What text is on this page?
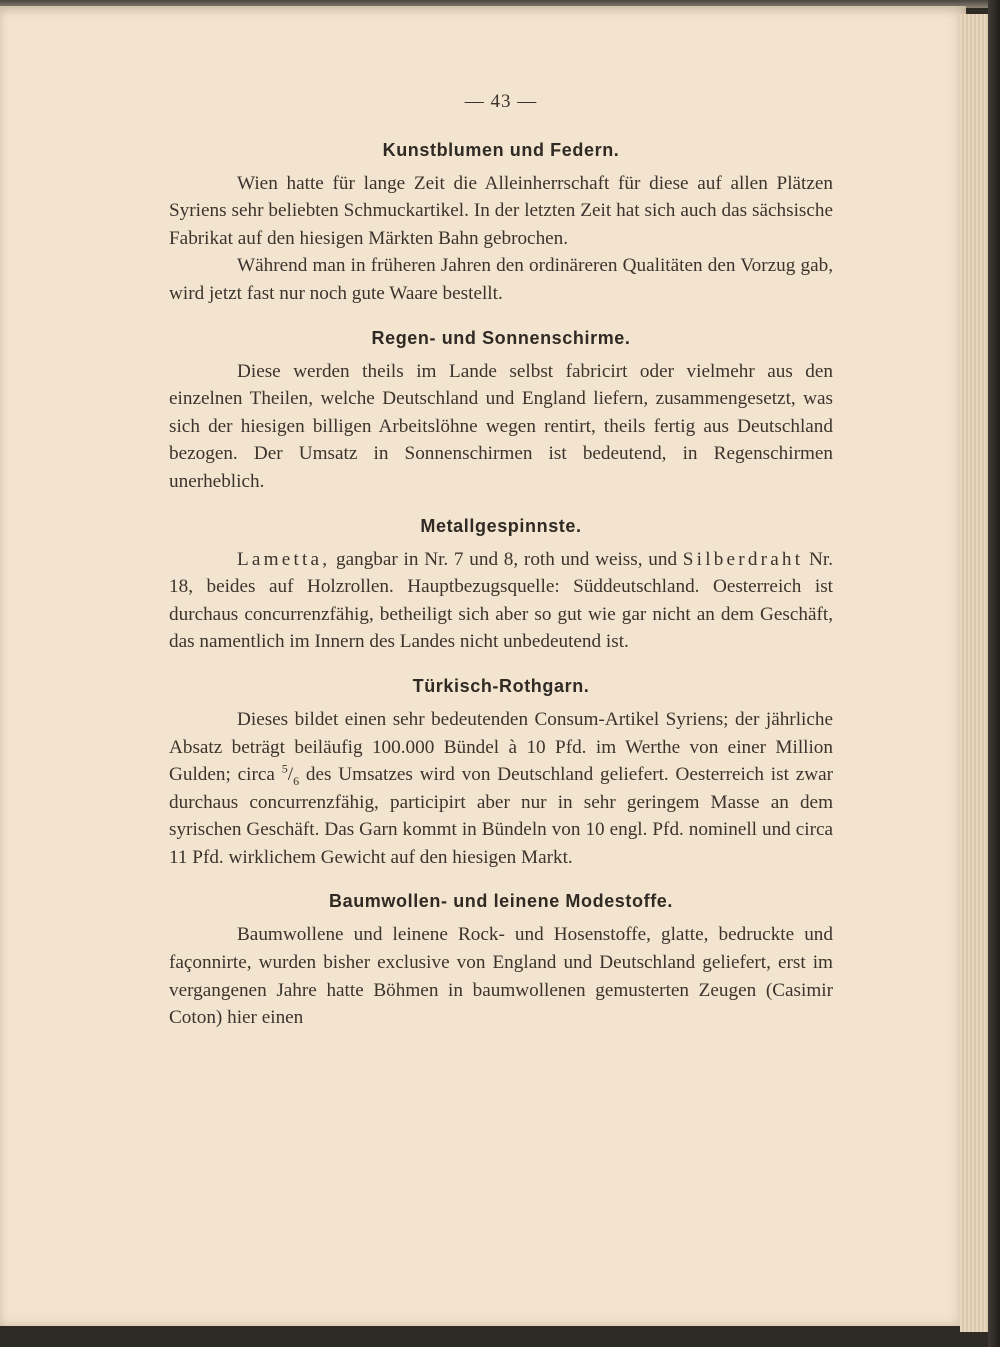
— 43 —
Kunstblumen und Federn.

Wien hatte für lange Zeit die Alleinherrschaft für diese auf allen Plätzen Syriens sehr beliebten Schmuckartikel. In der letzten Zeit hat sich auch das sächsische Fabrikat auf den hiesigen Märkten Bahn gebrochen.

Während man in früheren Jahren den ordinäreren Qualitäten den Vorzug gab, wird jetzt fast nur noch gute Waare bestellt.

Regen- und Sonnenschirme.

Diese werden theils im Lande selbst fabricirt oder vielmehr aus den einzelnen Theilen, welche Deutschland und England liefern, zusammengesetzt, was sich der hiesigen billigen Arbeitslöhne wegen rentirt, theils fertig aus Deutschland bezogen. Der Umsatz in Sonnenschirmen ist bedeutend, in Regenschirmen unerheblich.

Metallgespinnste.

Lametta, gangbar in Nr. 7 und 8, roth und weiss, und Silberdraht Nr. 18, beides auf Holzrollen. Hauptbezugsquelle: Süddeutschland. Oesterreich ist durchaus concurrenzfähig, betheiligt sich aber so gut wie gar nicht an dem Geschäft, das namentlich im Innern des Landes nicht unbedeutend ist.

Türkisch-Rothgarn.

Dieses bildet einen sehr bedeutenden Consum-Artikel Syriens; der jährliche Absatz beträgt beiläufig 100.000 Bündel à 10 Pfd. im Werthe von einer Million Gulden; circa $^5/_6$ des Umsatzes wird von Deutschland geliefert. Oesterreich ist zwar durchaus concurrenzfähig, participirt aber nur in sehr geringem Masse an dem syrischen Geschäft. Das Garn kommt in Bündeln von 10 engl. Pfd. nominell und circa 11 Pfd. wirklichem Gewicht auf den hiesigen Markt.

Baumwollen- und leinene Modestoffe.

Baumwollene und leinene Rock- und Hosenstoffe, glatte, bedruckte und façonnirte, wurden bisher exclusive von England und Deutschland geliefert, erst im vergangenen Jahre hatte Böhmen in baumwollenen gemusterten Zeugen (Casimir Coton) hier einen
